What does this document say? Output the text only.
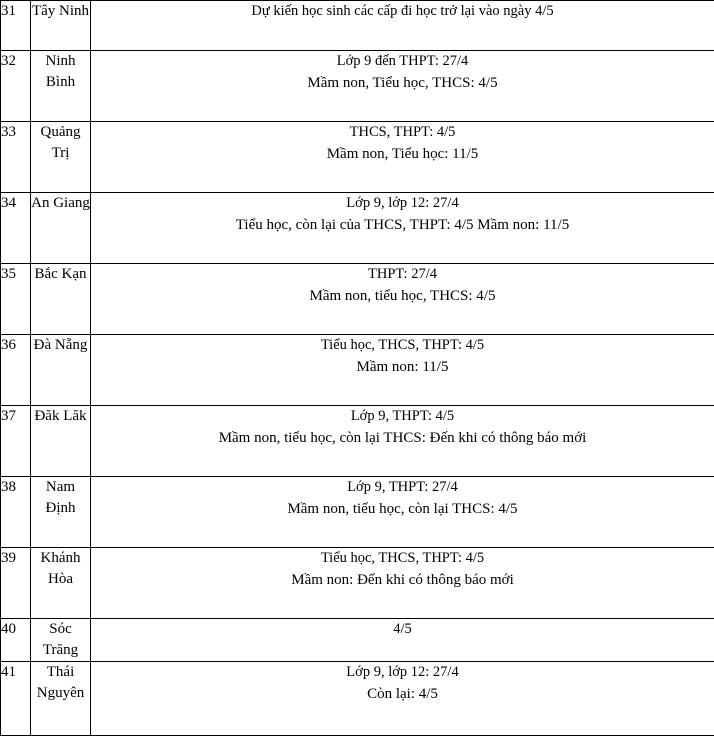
31	Tây Ninh	Dự kiến học sinh các cấp đi học trở lại vào ngày 4/5

32	Ninh Bình	Lớp 9 đến THPT: 27/4
Mầm non, Tiểu học, THCS: 4/5

33	Quảng Trị	THCS, THPT: 4/5
Mầm non, Tiểu học: 11/5

34	An Giang	Lớp 9, lớp 12: 27/4
Tiểu học, còn lại của THCS, THPT: 4/5 Mầm non: 11/5

35	Bắc Kạn	THPT: 27/4
Mầm non, tiểu học, THCS: 4/5

36	Đà Nẵng	Tiểu học, THCS, THPT: 4/5
Mầm non: 11/5

37	Đăk Lăk	Lớp 9, THPT: 4/5
Mầm non, tiểu học, còn lại THCS: Đến khi có thông báo mới

38	Nam Định	Lớp 9, THPT: 27/4
Mầm non, tiểu học, còn lại THCS: 4/5

39	Khánh Hòa	Tiểu học, THCS, THPT: 4/5
Mầm non: Đến khi có thông báo mới

40	Sóc Trăng	4/5

41	Thái Nguyên	Lớp 9, lớp 12: 27/4
Còn lại: 4/5
